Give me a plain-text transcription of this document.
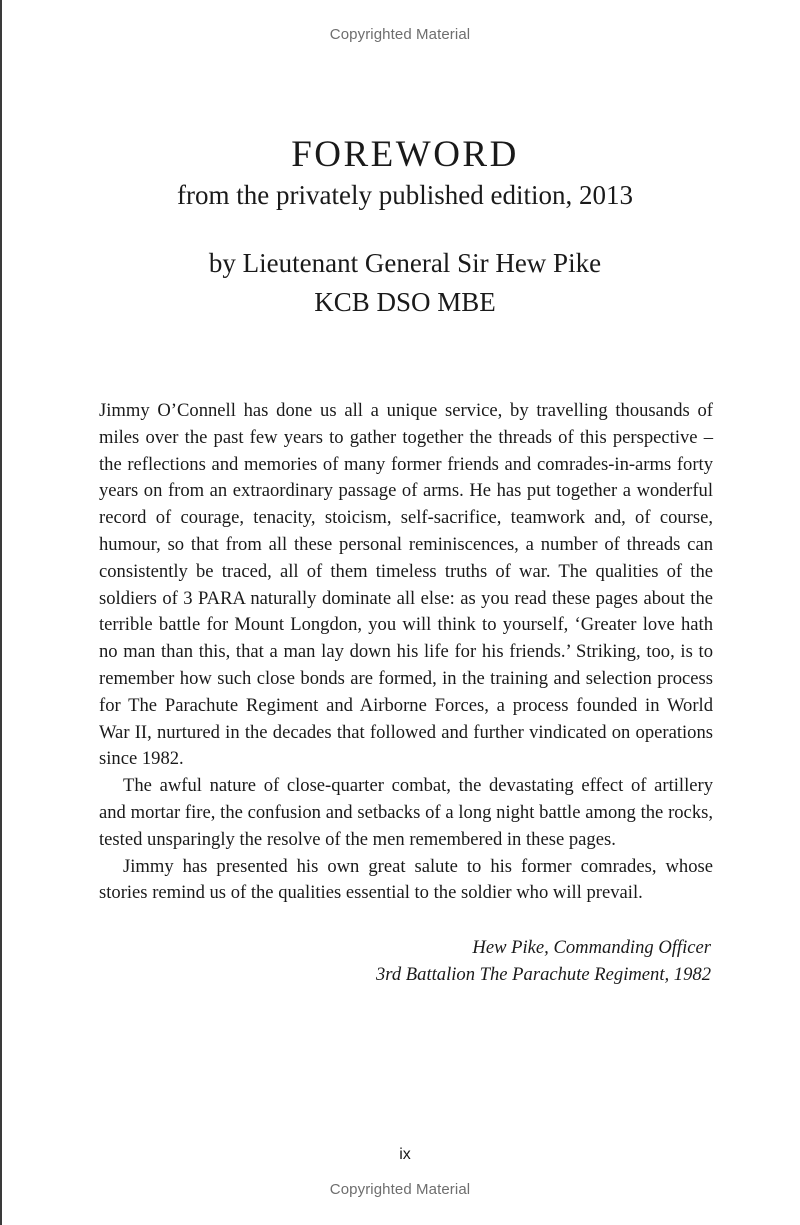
Copyrighted Material
FOREWORD
from the privately published edition, 2013
by Lieutenant General Sir Hew Pike
KCB DSO MBE

Jimmy O’Connell has done us all a unique service, by travelling thousands of miles over the past few years to gather together the threads of this perspective – the reflections and memories of many former friends and comrades-in-arms forty years on from an extraordinary passage of arms. He has put together a wonderful record of courage, tenacity, stoicism, self-sacrifice, teamwork and, of course, humour, so that from all these personal reminiscences, a number of threads can consistently be traced, all of them timeless truths of war. The qualities of the soldiers of 3 PARA naturally dominate all else: as you read these pages about the terrible battle for Mount Longdon, you will think to yourself, ‘Greater love hath no man than this, that a man lay down his life for his friends.’ Striking, too, is to remember how such close bonds are formed, in the training and selection process for The Parachute Regiment and Airborne Forces, a process founded in World War II, nurtured in the decades that followed and further vindicated on operations since 1982.

The awful nature of close-quarter combat, the devastating effect of artillery and mortar fire, the confusion and setbacks of a long night battle among the rocks, tested unsparingly the resolve of the men remembered in these pages.

Jimmy has presented his own great salute to his former comrades, whose stories remind us of the qualities essential to the soldier who will prevail.

Hew Pike, Commanding Officer
3rd Battalion The Parachute Regiment, 1982
ix
Copyrighted Material
